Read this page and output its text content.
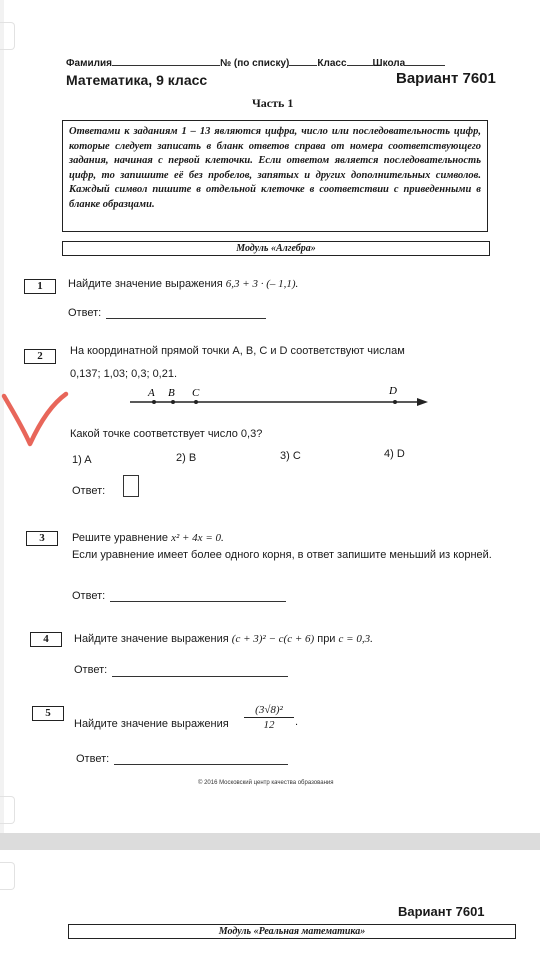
Фамилия	№ (по списку)	Класс	Школа
Математика, 9 класс	Вариант 7601
Часть 1
Ответами к заданиям 1 – 13 являются цифра, число или последовательность цифр, которые следует записать в бланк ответов справа от номера соответствующего задания, начиная с первой клеточки. Если ответом является последовательность цифр, то запишите её без пробелов, запятых и других дополнительных символов. Каждый символ пишите в отдельной клеточке в соответствии с приведенными в бланке образцами.
Модуль «Алгебра»
1	Найдите значение выражения 6,3 + 3 · (– 1,1).
Ответ:
2	На координатной прямой точки A, B, C и D соответствуют числам
0,137; 1,03; 0,3; 0,21.
A B C	D
Какой точке соответствует число 0,3?
1) A	2) B	3) C	4) D
Ответ:
3	Решите уравнение x² + 4x = 0.
Если уравнение имеет более одного корня, в ответ запишите меньший из корней.
Ответ:
4	Найдите значение выражения (c + 3)² − c(c + 6) при c = 0,3.
Ответ:
5
Найдите значение выражения $\frac{\text{(3√8)²}}{12}$ .
Ответ:
© 2016 Московский центр качества образования
Вариант 7601
Модуль «Реальная математика»
